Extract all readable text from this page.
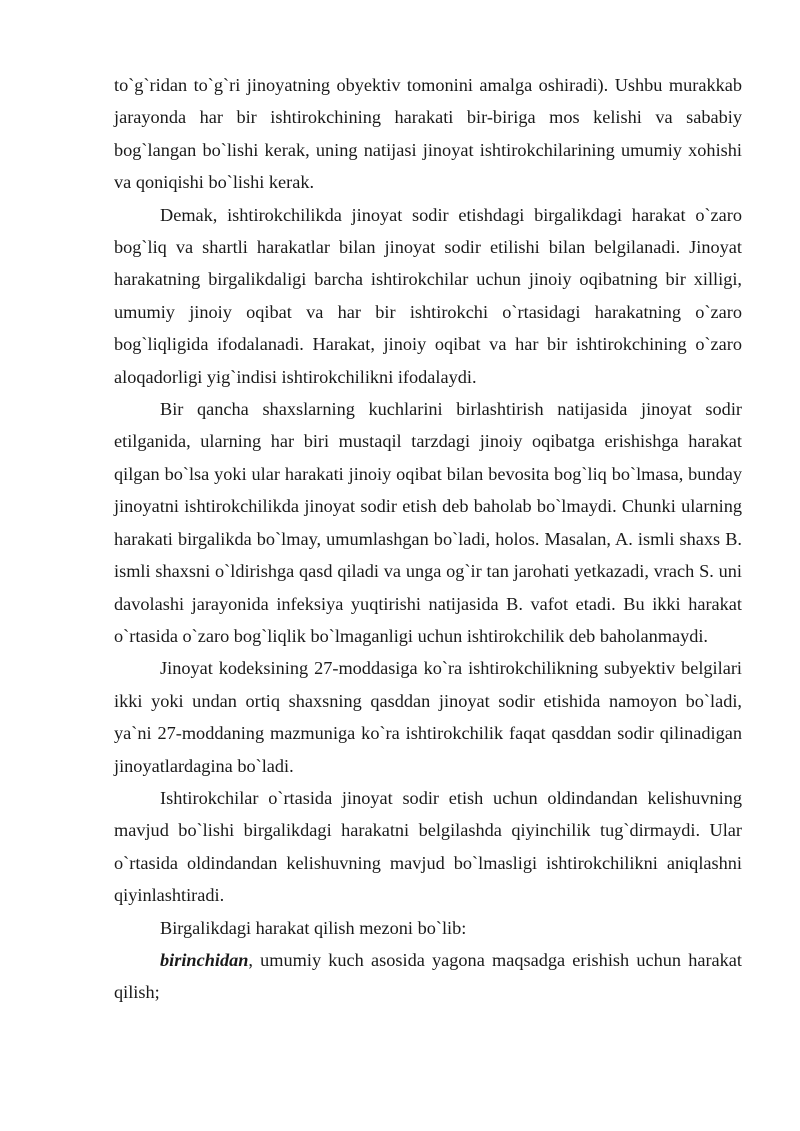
to`g`ridan to`g`ri jinoyatning obyektiv tomonini amalga oshiradi). Ushbu murakkab jarayonda har bir ishtirokchining harakati bir-biriga mos kelishi va sababiy bog`langan bo`lishi kerak, uning natijasi jinoyat ishtirokchilarining umumiy xohishi va qoniqishi bo`lishi kerak.

Demak, ishtirokchilikda jinoyat sodir etishdagi birgalikdagi harakat o`zaro bog`liq va shartli harakatlar bilan jinoyat sodir etilishi bilan belgilanadi. Jinoyat harakatning birgalikdaligi barcha ishtirokchilar uchun jinoiy oqibatning bir xilligi, umumiy jinoiy oqibat va har bir ishtirokchi o`rtasidagi harakatning o`zaro bog`liqligida ifodalanadi. Harakat, jinoiy oqibat va har bir ishtirokchining o`zaro aloqadorligi yig`indisi ishtirokchilikni ifodalaydi.

Bir qancha shaxslarning kuchlarini birlashtirish natijasida jinoyat sodir etilganida, ularning har biri mustaqil tarzdagi jinoiy oqibatga erishishga harakat qilgan bo`lsa yoki ular harakati jinoiy oqibat bilan bevosita bog`liq bo`lmasa, bunday jinoyatni ishtirokchilikda jinoyat sodir etish deb baholab bo`lmaydi. Chunki ularning harakati birgalikda bo`lmay, umumlashgan bo`ladi, holos. Masalan, A. ismli shaxs B. ismli shaxsni o`ldirishga qasd qiladi va unga og`ir tan jarohati yetkazadi, vrach S. uni davolashi jarayonida infeksiya yuqtirishi natijasida B. vafot etadi. Bu ikki harakat o`rtasida o`zaro bog`liqlik bo`lmaganligi uchun ishtirokchilik deb baholanmaydi.

Jinoyat kodeksining 27-moddasiga ko`ra ishtirokchilikning subyektiv belgilari ikki yoki undan ortiq shaxsning qasddan jinoyat sodir etishida namoyon bo`ladi, ya`ni 27-moddaning mazmuniga ko`ra ishtirokchilik faqat qasddan sodir qilinadigan jinoyatlardagina bo`ladi.

Ishtirokchilar o`rtasida jinoyat sodir etish uchun oldindandan kelishuvning mavjud bo`lishi birgalikdagi harakatni belgilashda qiyinchilik tug`dirmaydi. Ular o`rtasida oldindandan kelishuvning mavjud bo`lmasligi ishtirokchilikni aniqlashni qiyinlashtiradi.

Birgalikdagi harakat qilish mezoni bo`lib:

birinchidan, umumiy kuch asosida yagona maqsadga erishish uchun harakat qilish;
